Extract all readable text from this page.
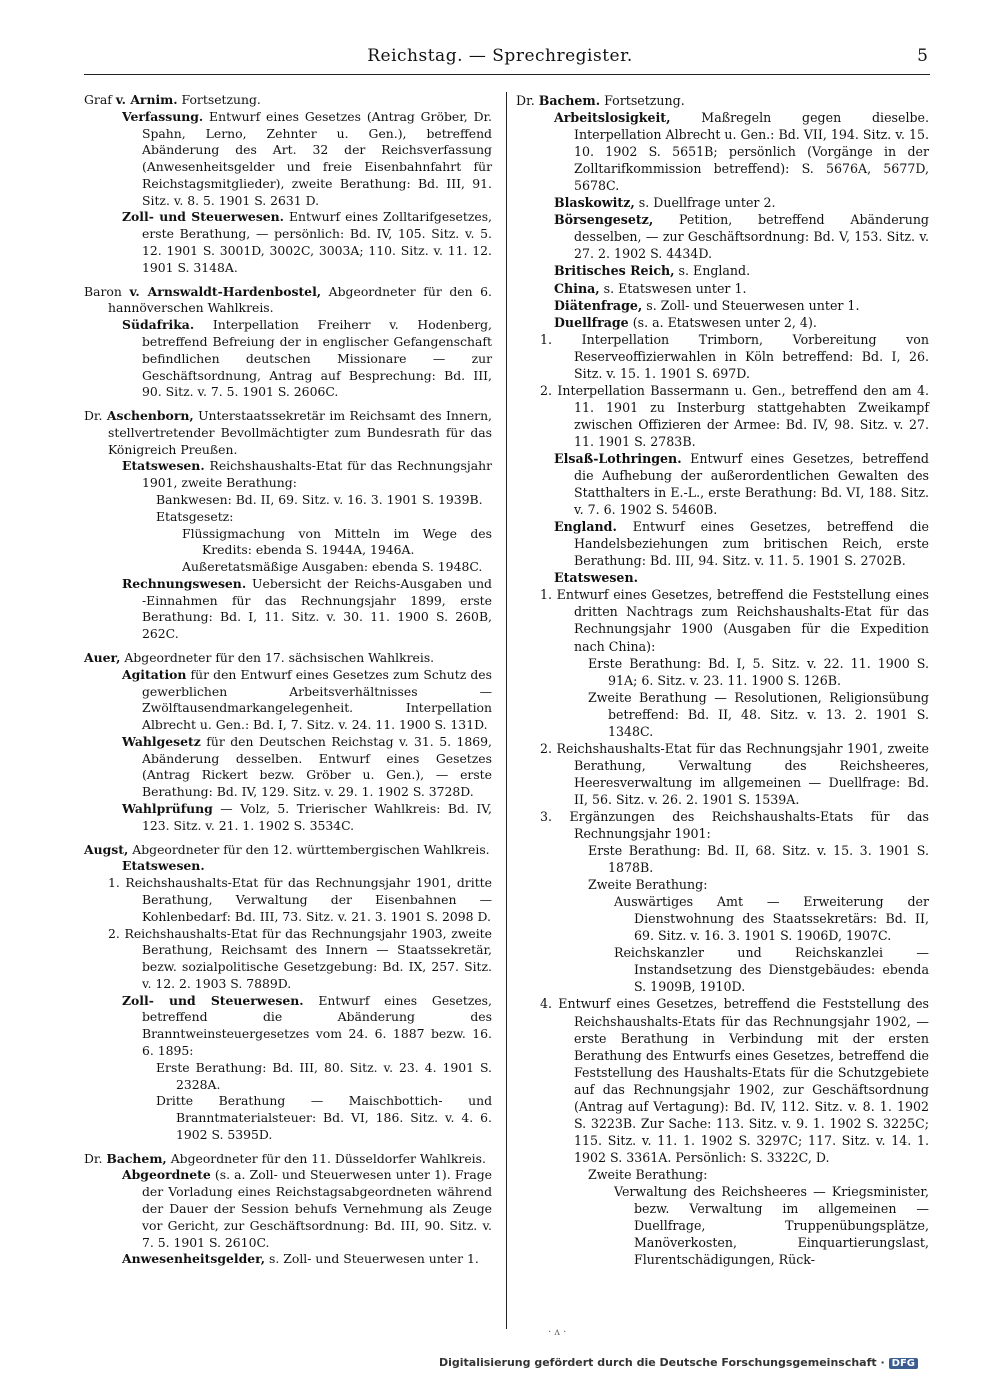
Reichstag. — Sprechregister.	5

Graf v. Arnim. Fortsetzung.

Verfassung. Entwurf eines Gesetzes (Antrag Gröber, Dr. Spahn, Lerno, Zehnter u. Gen.), betreffend Abänderung des Art. 32 der Reichsverfassung (Anwesenheitsgelder und freie Eisenbahnfahrt für Reichstagsmitglieder), zweite Berathung: Bd. III, 91. Sitz. v. 8. 5. 1901 S. 2631 D.

Zoll- und Steuerwesen. Entwurf eines Zolltarifgesetzes, erste Berathung, — persönlich: Bd. IV, 105. Sitz. v. 5. 12. 1901 S. 3001D, 3002C, 3003A; 110. Sitz. v. 11. 12. 1901 S. 3148A.

Baron v. Arnswaldt-Hardenbostel, Abgeordneter für den 6. hannöverschen Wahlkreis.

Südafrika. Interpellation Freiherr v. Hodenberg, betreffend Befreiung der in englischer Gefangenschaft befindlichen deutschen Missionare — zur Geschäftsordnung, Antrag auf Besprechung: Bd. III, 90. Sitz. v. 7. 5. 1901 S. 2606C.

Dr. Aschenborn, Unterstaatssekretär im Reichsamt des Innern, stellvertretender Bevollmächtigter zum Bundesrath für das Königreich Preußen.

Etatswesen. Reichshaushalts-Etat für das Rechnungsjahr 1901, zweite Berathung:

Bankwesen: Bd. II, 69. Sitz. v. 16. 3. 1901 S. 1939B.

Etatsgesetz:

Flüssigmachung von Mitteln im Wege des Kredits: ebenda S. 1944A, 1946A.

Außeretatsmäßige Ausgaben: ebenda S. 1948C.

Rechnungswesen. Uebersicht der Reichs-Ausgaben und -Einnahmen für das Rechnungsjahr 1899, erste Berathung: Bd. I, 11. Sitz. v. 30. 11. 1900 S. 260B, 262C.

Auer, Abgeordneter für den 17. sächsischen Wahlkreis.

Agitation für den Entwurf eines Gesetzes zum Schutz des gewerblichen Arbeitsverhältnisses — Zwölftausendmarkangelegenheit. Interpellation Albrecht u. Gen.: Bd. I, 7. Sitz. v. 24. 11. 1900 S. 131D.

Wahlgesetz für den Deutschen Reichstag v. 31. 5. 1869, Abänderung desselben. Entwurf eines Gesetzes (Antrag Rickert bezw. Gröber u. Gen.), — erste Berathung: Bd. IV, 129. Sitz. v. 29. 1. 1902 S. 3728D.

Wahlprüfung — Volz, 5. Trierischer Wahlkreis: Bd. IV, 123. Sitz. v. 21. 1. 1902 S. 3534C.

Augst, Abgeordneter für den 12. württembergischen Wahlkreis.

Etatswesen.

1. Reichshaushalts-Etat für das Rechnungsjahr 1901, dritte Berathung, Verwaltung der Eisenbahnen — Kohlenbedarf: Bd. III, 73. Sitz. v. 21. 3. 1901 S. 2098 D.

2. Reichshaushalts-Etat für das Rechnungsjahr 1903, zweite Berathung, Reichsamt des Innern — Staatssekretär, bezw. sozialpolitische Gesetzgebung: Bd. IX, 257. Sitz. v. 12. 2. 1903 S. 7889D.

Zoll- und Steuerwesen. Entwurf eines Gesetzes, betreffend die Abänderung des Branntweinsteuergesetzes vom 24. 6. 1887 bezw. 16. 6. 1895:

Erste Berathung: Bd. III, 80. Sitz. v. 23. 4. 1901 S. 2328A.

Dritte Berathung — Maischbottich- und Branntmaterialsteuer: Bd. VI, 186. Sitz. v. 4. 6. 1902 S. 5395D.

Dr. Bachem, Abgeordneter für den 11. Düsseldorfer Wahlkreis.

Abgeordnete (s. a. Zoll- und Steuerwesen unter 1). Frage der Vorladung eines Reichstagsabgeordneten während der Dauer der Session behufs Vernehmung als Zeuge vor Gericht, zur Geschäftsordnung: Bd. III, 90. Sitz. v. 7. 5. 1901 S. 2610C.

Anwesenheitsgelder, s. Zoll- und Steuerwesen unter 1.

Dr. Bachem. Fortsetzung.

Arbeitslosigkeit, Maßregeln gegen dieselbe. Interpellation Albrecht u. Gen.: Bd. VII, 194. Sitz. v. 15. 10. 1902 S. 5651B; persönlich (Vorgänge in der Zolltarifkommission betreffend): S. 5676A, 5677D, 5678C.

Blaskowitz, s. Duellfrage unter 2.

Börsengesetz, Petition, betreffend Abänderung desselben, — zur Geschäftsordnung: Bd. V, 153. Sitz. v. 27. 2. 1902 S. 4434D.

Britisches Reich, s. England.

China, s. Etatswesen unter 1.

Diätenfrage, s. Zoll- und Steuerwesen unter 1.

Duellfrage (s. a. Etatswesen unter 2, 4).

1. Interpellation Trimborn, Vorbereitung von Reserveoffizierwahlen in Köln betreffend: Bd. I, 26. Sitz. v. 15. 1. 1901 S. 697D.

2. Interpellation Bassermann u. Gen., betreffend den am 4. 11. 1901 zu Insterburg stattgehabten Zweikampf zwischen Offizieren der Armee: Bd. IV, 98. Sitz. v. 27. 11. 1901 S. 2783B.

Elsaß-Lothringen. Entwurf eines Gesetzes, betreffend die Aufhebung der außerordentlichen Gewalten des Statthalters in E.-L., erste Berathung: Bd. VI, 188. Sitz. v. 7. 6. 1902 S. 5460B.

England. Entwurf eines Gesetzes, betreffend die Handelsbeziehungen zum britischen Reich, erste Berathung: Bd. III, 94. Sitz. v. 11. 5. 1901 S. 2702B.

Etatswesen.

1. Entwurf eines Gesetzes, betreffend die Feststellung eines dritten Nachtrags zum Reichshaushalts-Etat für das Rechnungsjahr 1900 (Ausgaben für die Expedition nach China):

Erste Berathung: Bd. I, 5. Sitz. v. 22. 11. 1900 S. 91A; 6. Sitz. v. 23. 11. 1900 S. 126B.

Zweite Berathung — Resolutionen, Religionsübung betreffend: Bd. II, 48. Sitz. v. 13. 2. 1901 S. 1348C.

2. Reichshaushalts-Etat für das Rechnungsjahr 1901, zweite Berathung, Verwaltung des Reichsheeres, Heeresverwaltung im allgemeinen — Duellfrage: Bd. II, 56. Sitz. v. 26. 2. 1901 S. 1539A.

3. Ergänzungen des Reichshaushalts-Etats für das Rechnungsjahr 1901:

Erste Berathung: Bd. II, 68. Sitz. v. 15. 3. 1901 S. 1878B.

Zweite Berathung:

Auswärtiges Amt — Erweiterung der Dienstwohnung des Staatssekretärs: Bd. II, 69. Sitz. v. 16. 3. 1901 S. 1906D, 1907C.

Reichskanzler und Reichskanzlei — Instandsetzung des Dienstgebäudes: ebenda S. 1909B, 1910D.

4. Entwurf eines Gesetzes, betreffend die Feststellung des Reichshaushalts-Etats für das Rechnungsjahr 1902, — erste Berathung in Verbindung mit der ersten Berathung des Entwurfs eines Gesetzes, betreffend die Feststellung des Haushalts-Etats für die Schutzgebiete auf das Rechnungsjahr 1902, zur Geschäftsordnung (Antrag auf Vertagung): Bd. IV, 112. Sitz. v. 8. 1. 1902 S. 3223B. Zur Sache: 113. Sitz. v. 9. 1. 1902 S. 3225C; 115. Sitz. v. 11. 1. 1902 S. 3297C; 117. Sitz. v. 14. 1. 1902 S. 3361A. Persönlich: S. 3322C, D.

Zweite Berathung:

Verwaltung des Reichsheeres — Kriegsminister, bezw. Verwaltung im allgemeinen — Duellfrage, Truppenübungsplätze, Manöverkosten, Einquartierungslast, Flurentschädigungen, Rück-

· ʌ ·
Digitalisierung gefördert durch die Deutsche Forschungsgemeinschaft · DFG
